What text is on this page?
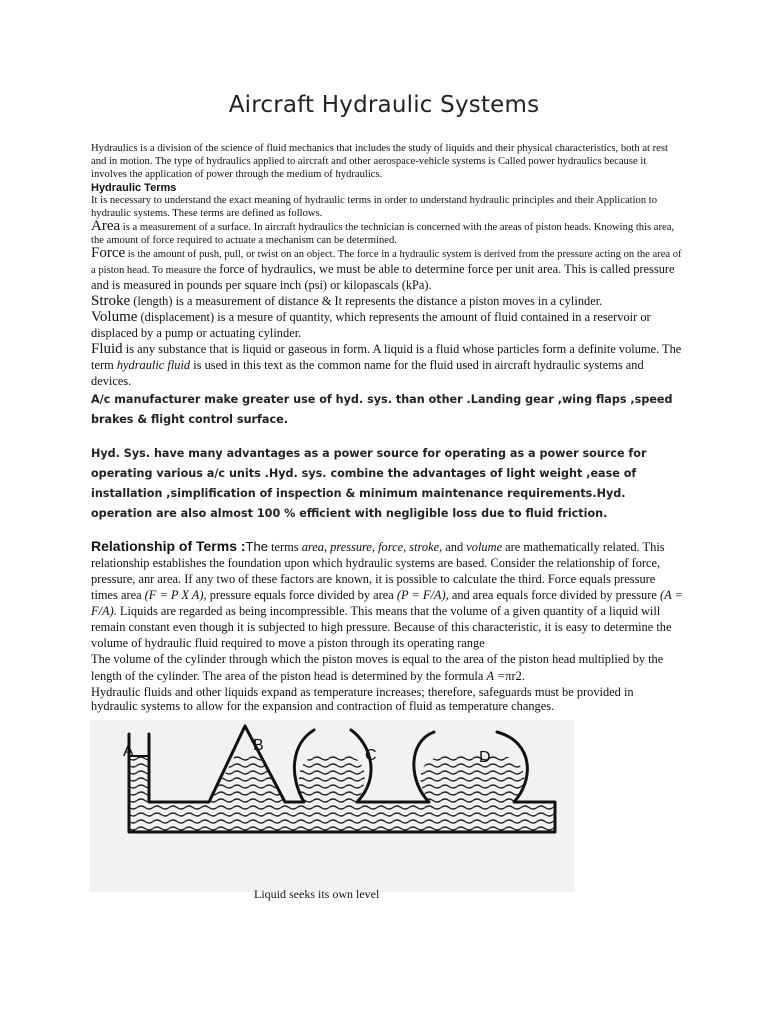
Aircraft Hydraulic Systems

Hydraulics is a division of the science of fluid mechanics that includes the study of liquids and their physical characteristics, both at rest and in motion. The type of hydraulics applied to aircraft and other aerospace-vehicle systems is Called power hydraulics because it involves the application of power through the medium of hydraulics.

Hydraulic Terms

It is necessary to understand the exact meaning of hydraulic terms in order to understand hydraulic principles and their Application to hydraulic systems. These terms are defined as follows.

Area is a measurement of a surface. In aircraft hydraulics the technician is concerned with the areas of piston heads. Knowing this area, the amount of force required to actuate a mechanism can be determined.

Force is the amount of push, pull, or twist on an object. The force in a hydraulic system is derived from the pressure acting on the area of a piston head. To measure the force of hydraulics, we must be able to determine force per unit area. This is called pressure and is measured in pounds per square inch (psi) or kilopascals (kPa).

Stroke (length) is a measurement of distance & It represents the distance a piston moves in a cylinder.

Volume (displacement) is a mesure of quantity, which represents the amount of fluid contained in a reservoir or displaced by a pump or actuating cylinder.

Fluid is any substance that is liquid or gaseous in form. A liquid is a fluid whose particles form a definite volume. The term hydraulic fluid is used in this text as the common name for the fluid used in aircraft hydraulic systems and devices.

A/c manufacturer make greater use of hyd. sys. than other .Landing gear ,wing flaps ,speed brakes & flight control surface.

Hyd. Sys. have many advantages as a power source for operating as a power source for operating various a/c units .Hyd. sys. combine the advantages of light weight ,ease of installation ,simplification of inspection & minimum maintenance requirements.Hyd. operation are also almost 100 % efficient with negligible loss due to fluid friction.

Relationship of Terms :The terms area, pressure, force, stroke, and volume are mathematically related. This relationship establishes the foundation upon which hydraulic systems are based. Consider the relationship of force, pressure, anr area. If any two of these factors are known, it is possible to calculate the third. Force equals pressure times area (F = P X A), pressure equals force divided by area (P = F/A), and area equals force divided by pressure (A = F/A). Liquids are regarded as being incompressible. This means that the volume of a given quantity of a liquid will remain constant even though it is subjected to high pressure. Because of this characteristic, it is easy to determine the volume of hydraulic fluid required to move a piston through its operating range

The volume of the cylinder through which the piston moves is equal to the area of the piston head multiplied by the length of the cylinder. The area of the piston head is determined by the formula A =πr2.

Hydraulic fluids and other liquids expand as temperature increases; therefore, safeguards must be provided in hydraulic systems to allow for the expansion and contraction of fluid as temperature changes.

A	B
C	D
Liquid seeks its own level
